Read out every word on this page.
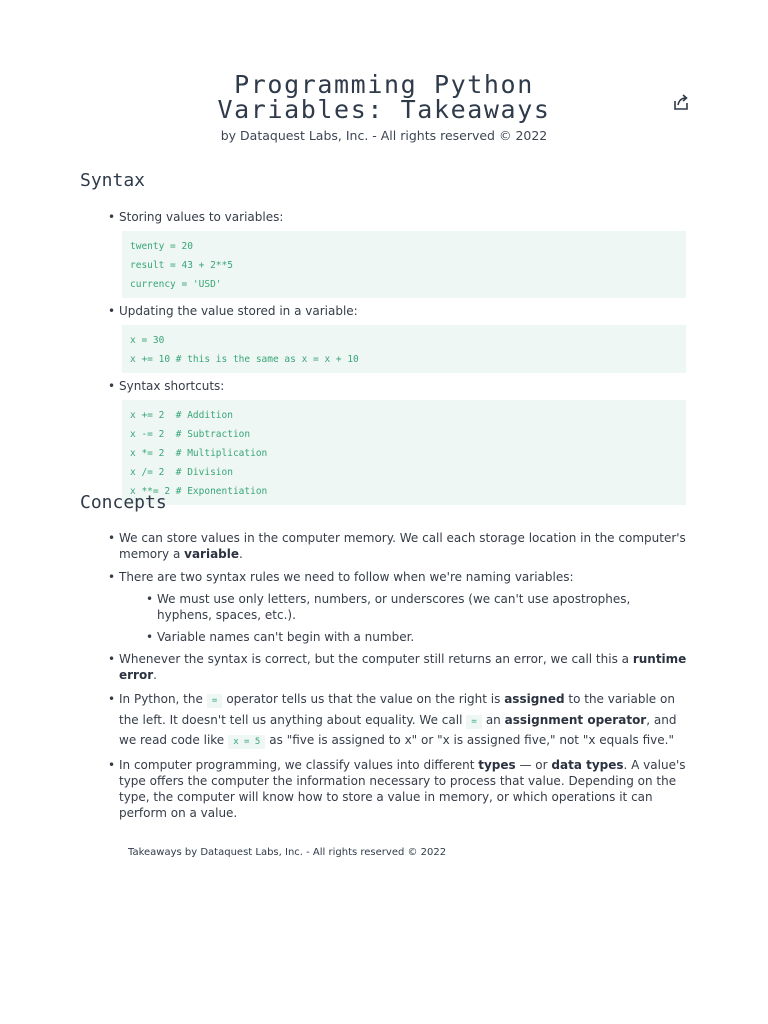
Programming Python Variables: Takeaways
by Dataquest Labs, Inc. - All rights reserved © 2022
Syntax
• Storing values to variables:
twenty = 20
result = 43 + 2**5
currency = 'USD'
• Updating the value stored in a variable:
x = 30
x += 10 # this is the same as x = x + 10
• Syntax shortcuts:
x += 2  # Addition
x -= 2  # Subtraction
x *= 2  # Multiplication
x /= 2  # Division
x **= 2 # Exponentiation
Concepts
• We can store values in the computer memory. We call each storage location in the computer's memory a variable.
• There are two syntax rules we need to follow when we're naming variables:
• We must use only letters, numbers, or underscores (we can't use apostrophes, hyphens, spaces, etc.).
• Variable names can't begin with a number.
• Whenever the syntax is correct, but the computer still returns an error, we call this a runtime error.
• In Python, the = operator tells us that the value on the right is assigned to the variable on the left. It doesn't tell us anything about equality. We call = an assignment operator, and we read code like x = 5 as "five is assigned to x" or "x is assigned five," not "x equals five."
• In computer programming, we classify values into different types — or data types. A value's type offers the computer the information necessary to process that value. Depending on the type, the computer will know how to store a value in memory, or which operations it can perform on a value.
Takeaways by Dataquest Labs, Inc. - All rights reserved © 2022
